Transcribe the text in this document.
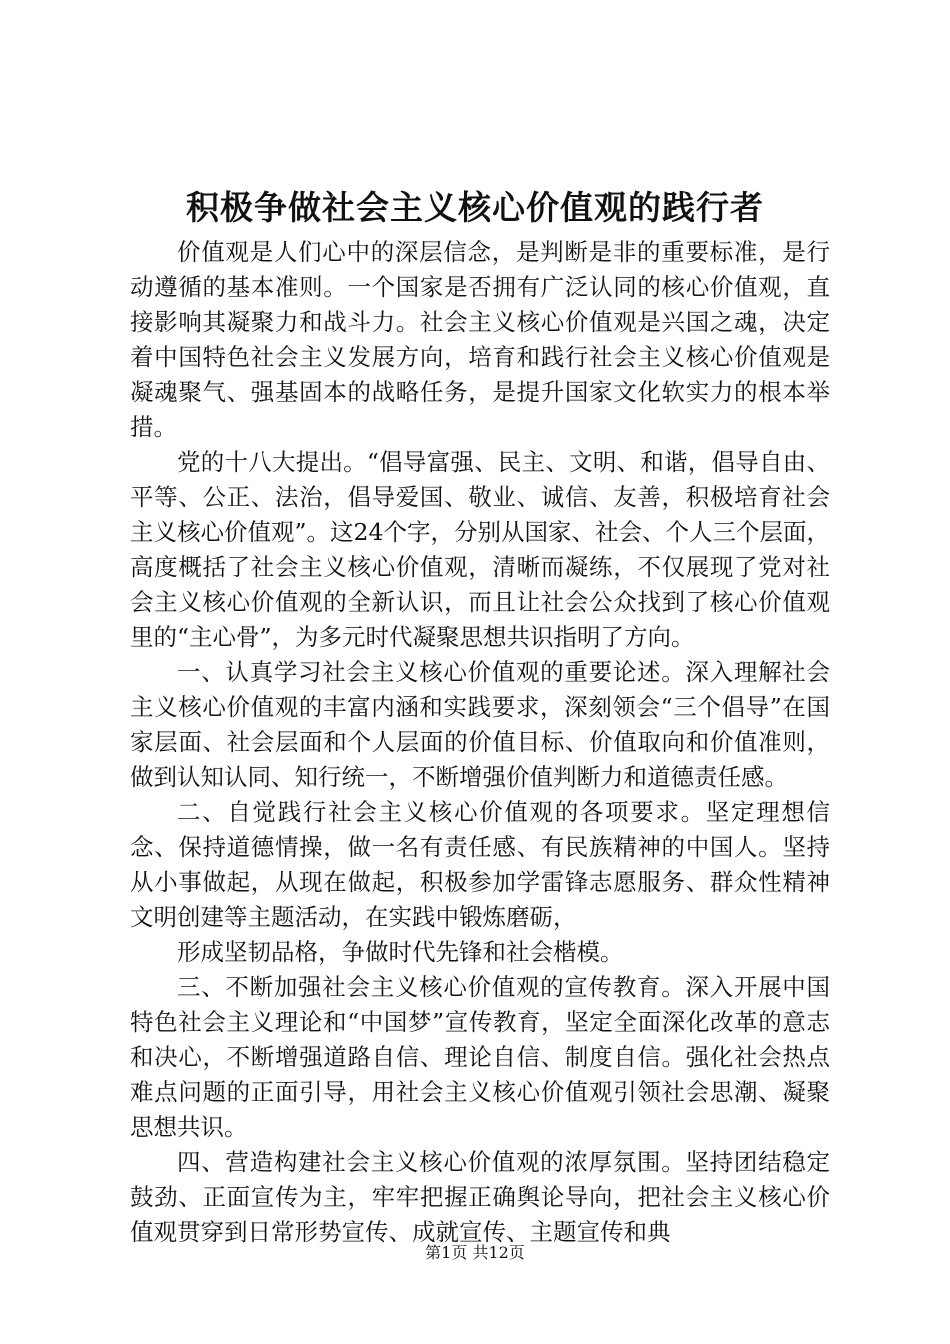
积极争做社会主义核心价值观的践行者

价值观是人们心中的深层信念，是判断是非的重要标准，是行动遵循的基本准则。一个国家是否拥有广泛认同的核心价值观，直接影响其凝聚力和战斗力。社会主义核心价值观是兴国之魂，决定着中国特色社会主义发展方向，培育和践行社会主义核心价值观是凝魂聚气、强基固本的战略任务，是提升国家文化软实力的根本举措。

党的十八大提出。“倡导富强、民主、文明、和谐，倡导自由、平等、公正、法治，倡导爱国、敬业、诚信、友善，积极培育社会主义核心价值观”。这24个字，分别从国家、社会、个人三个层面，高度概括了社会主义核心价值观，清晰而凝练，不仅展现了党对社会主义核心价值观的全新认识，而且让社会公众找到了核心价值观里的“主心骨”，为多元时代凝聚思想共识指明了方向。

一、认真学习社会主义核心价值观的重要论述。深入理解社会主义核心价值观的丰富内涵和实践要求，深刻领会“三个倡导”在国家层面、社会层面和个人层面的价值目标、价值取向和价值准则，做到认知认同、知行统一，不断增强价值判断力和道德责任感。

二、自觉践行社会主义核心价值观的各项要求。坚定理想信念、保持道德情操，做一名有责任感、有民族精神的中国人。坚持从小事做起，从现在做起，积极参加学雷锋志愿服务、群众性精神文明创建等主题活动，在实践中锻炼磨砺，

形成坚韧品格，争做时代先锋和社会楷模。

三、不断加强社会主义核心价值观的宣传教育。深入开展中国特色社会主义理论和“中国梦”宣传教育，坚定全面深化改革的意志和决心，不断增强道路自信、理论自信、制度自信。强化社会热点难点问题的正面引导，用社会主义核心价值观引领社会思潮、凝聚思想共识。

四、营造构建社会主义核心价值观的浓厚氛围。坚持团结稳定鼓劲、正面宣传为主，牢牢把握正确舆论导向，把社会主义核心价值观贯穿到日常形势宣传、成就宣传、主题宣传和典

第1页 共12页
